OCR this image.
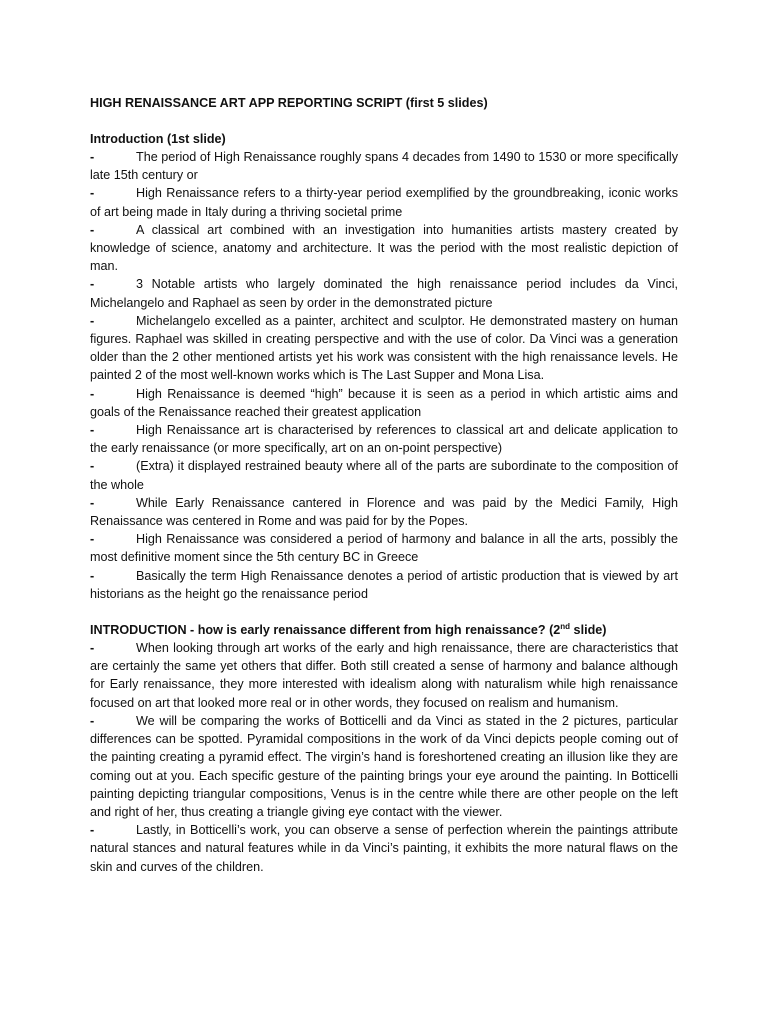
HIGH RENAISSANCE ART APP REPORTING SCRIPT (first 5 slides)
Introduction (1st slide)

-	The period of High Renaissance roughly spans 4 decades from 1490 to 1530 or more specifically late 15th century or

-	High Renaissance refers to a thirty-year period exemplified by the groundbreaking, iconic works of art being made in Italy during a thriving societal prime

-	A classical art combined with an investigation into humanities artists mastery created by knowledge of science, anatomy and architecture. It was the period with the most realistic depiction of man.

-	3 Notable artists who largely dominated the high renaissance period includes da Vinci, Michelangelo and Raphael as seen by order in the demonstrated picture

-	Michelangelo excelled as a painter, architect and sculptor. He demonstrated mastery on human figures. Raphael was skilled in creating perspective and with the use of color. Da Vinci was a generation older than the 2 other mentioned artists yet his work was consistent with the high renaissance levels. He painted 2 of the most well-known works which is The Last Supper and Mona Lisa.

-	High Renaissance is deemed “high” because it is seen as a period in which artistic aims and goals of the Renaissance reached their greatest application

-	High Renaissance art is characterised by references to classical art and delicate application to the early renaissance (or more specifically, art on an on-point perspective)

-	(Extra) it displayed restrained beauty where all of the parts are subordinate to the composition of the whole

-	While Early Renaissance cantered in Florence and was paid by the Medici Family, High Renaissance was centered in Rome and was paid for by the Popes.

-	High Renaissance was considered a period of harmony and balance in all the arts, possibly the most definitive moment since the 5th century BC in Greece

-	Basically the term High Renaissance denotes a period of artistic production that is viewed by art historians as the height go the renaissance period

INTRODUCTION - how is early renaissance different from high renaissance? (2nd slide)

-	When looking through art works of the early and high renaissance, there are characteristics that are certainly the same yet others that differ. Both still created a sense of harmony and balance although for Early renaissance, they more interested with idealism along with naturalism while high renaissance focused on art that looked more real or in other words, they focused on realism and humanism.

-	We will be comparing the works of Botticelli and da Vinci as stated in the 2 pictures, particular differences can be spotted. Pyramidal compositions in the work of da Vinci depicts people coming out of the painting creating a pyramid effect. The virgin’s hand is foreshortened creating an illusion like they are coming out at you. Each specific gesture of the painting brings your eye around the painting. In Botticelli painting depicting triangular compositions, Venus is in the centre while there are other people on the left and right of her, thus creating a triangle giving eye contact with the viewer.

-	Lastly, in Botticelli’s work, you can observe a sense of perfection wherein the paintings attribute natural stances and natural features while in da Vinci’s painting, it exhibits the more natural flaws on the skin and curves of the children.
